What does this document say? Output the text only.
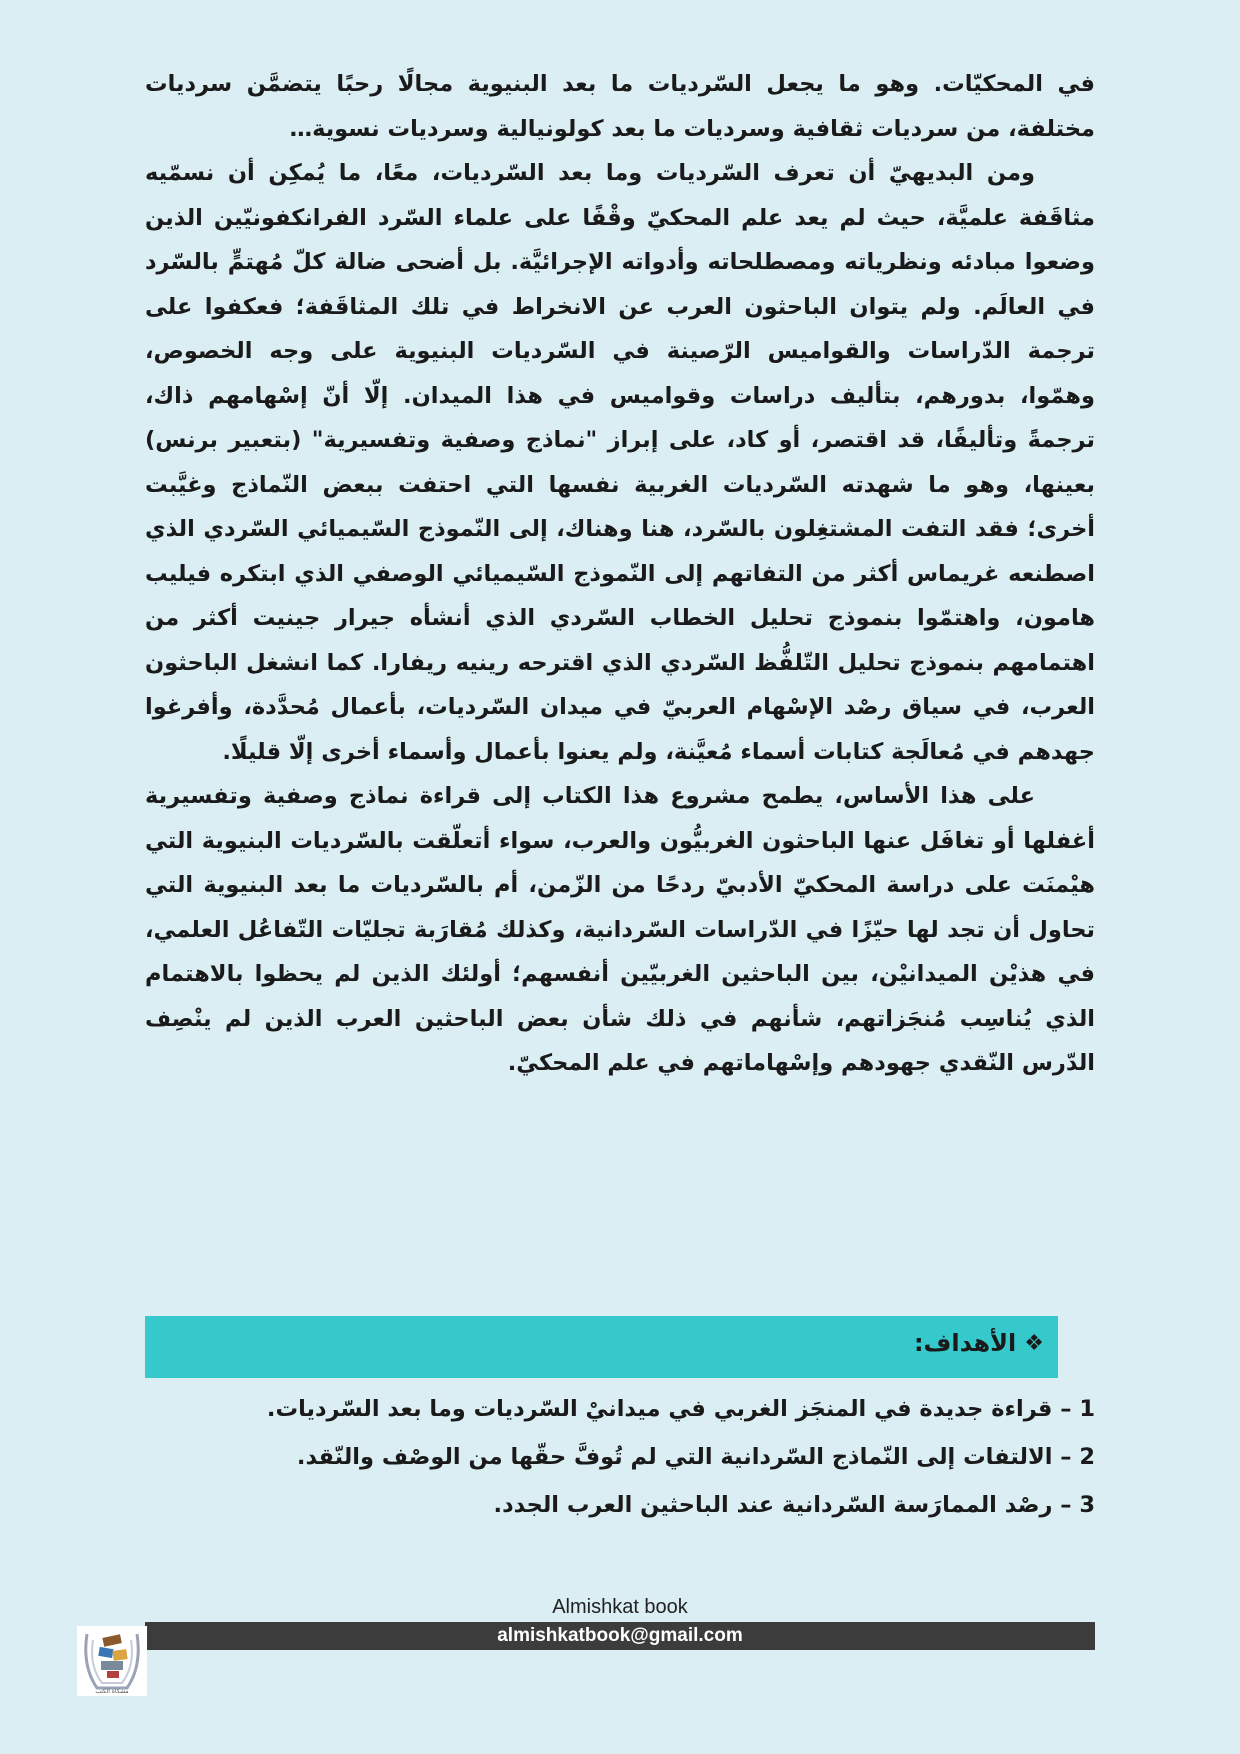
في المحكيّات. وهو ما يجعل السّرديات ما بعد البنيوية مجالًا رحبًا يتضمَّن سرديات مختلفة، من سرديات ثقافية وسرديات ما بعد كولونيالية وسرديات نسوية…

ومن البديهيّ أن تعرف السّرديات وما بعد السّرديات، معًا، ما يُمكِن أن نسمّيه مثاقَفة علميَّة، حيث لم يعد علم المحكيّ وقْفًا على علماء السّرد الفرانكفونيّين الذين وضعوا مبادئه ونظرياته ومصطلحاته وأدواته الإجرائيَّة. بل أضحى ضالة كلّ مُهتمٍّ بالسّرد في العالَم. ولم يتوان الباحثون العرب عن الانخراط في تلك المثاقَفة؛ فعكفوا على ترجمة الدّراسات والقواميس الرّصينة في السّرديات البنيوية على وجه الخصوص، وهمّوا، بدورهم، بتأليف دراسات وقواميس في هذا الميدان. إلّا أنّ إسْهامهم ذاك، ترجمةً وتأليفًا، قد اقتصر، أو كاد، على إبراز "نماذج وصفية وتفسيرية" (بتعبير برنس) بعينها، وهو ما شهدته السّرديات الغربية نفسها التي احتفت ببعض النّماذج وغيَّبت أخرى؛ فقد التفت المشتغِلون بالسّرد، هنا وهناك، إلى النّموذج السّيميائي السّردي الذي اصطنعه غريماس أكثر من التفاتهم إلى النّموذج السّيميائي الوصفي الذي ابتكره فيليب هامون، واهتمّوا بنموذج تحليل الخطاب السّردي الذي أنشأه جيرار جينيت أكثر من اهتمامهم بنموذج تحليل التّلفُّظ السّردي الذي اقترحه رينيه ريفارا. كما انشغل الباحثون العرب، في سياق رصْد الإسْهام العربيّ في ميدان السّرديات، بأعمال مُحدَّدة، وأفرغوا جهدهم في مُعالَجة كتابات أسماء مُعيَّنة، ولم يعنوا بأعمال وأسماء أخرى إلّا قليلًا.

على هذا الأساس، يطمح مشروع هذا الكتاب إلى قراءة نماذج وصفية وتفسيرية أغفلها أو تغافَل عنها الباحثون الغربيُّون والعرب، سواء أتعلّقت بالسّرديات البنيوية التي هيْمنَت على دراسة المحكيّ الأدبيّ ردحًا من الزّمن، أم بالسّرديات ما بعد البنيوية التي تحاول أن تجد لها حيّزًا في الدّراسات السّردانية، وكذلك مُقارَبة تجليّات التّفاعُل العلمي، في هذيْن الميدانيْن، بين الباحثين الغربيّين أنفسهم؛ أولئك الذين لم يحظوا بالاهتمام الذي يُناسِب مُنجَزاتهم، شأنهم في ذلك شأن بعض الباحثين العرب الذين لم ينْصِف الدّرس النّقدي جهودهم وإسْهاماتهم في علم المحكيّ.

❖
الأهداف:
1 – قراءة جديدة في المنجَز الغربي في ميدانيْ السّرديات وما بعد السّرديات.
2 – الالتفات إلى النّماذج السّردانية التي لم تُوفَّ حقّها من الوصْف والنّقد.
3 – رصْد الممارَسة السّردانية عند الباحثين العرب الجدد.
Almishkat book
almishkatbook@gmail.com
مشكاة الكتب
